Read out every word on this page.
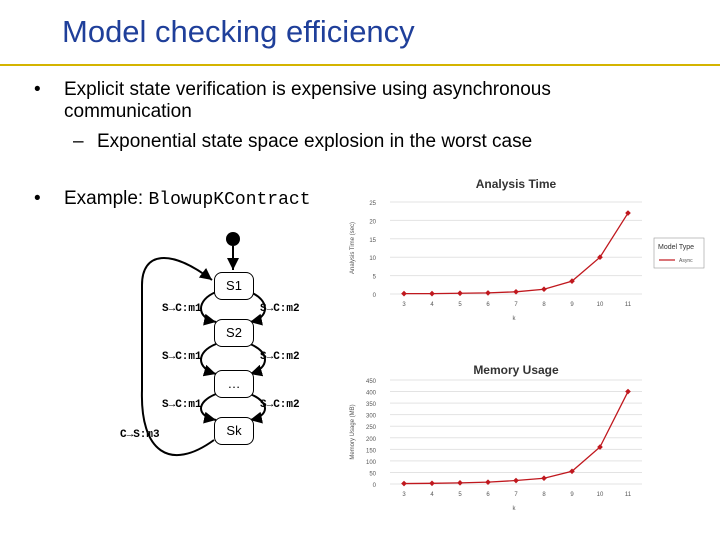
Model checking efficiency
• Explicit state verification is expensive using asynchronous
communication
– Exponential state space explosion in the worst case
• Example: BlowupKContract
S1
S2
…
Sk
S→C:m1	S→C:m2
S→C:m1	S→C:m2
S→C:m1	S→C:m2
C→S:m3
Analysis Time
0
5
10
15
20
25
3	4	5	6	7	8	9	10	11
k
Analysis Time (sec)	Model Type
Async
Memory Usage
0
50
100
150
200
250
300
350
400
450
3	4	5	6	7	8	9	10	11
k
Memory Usage (MB)
